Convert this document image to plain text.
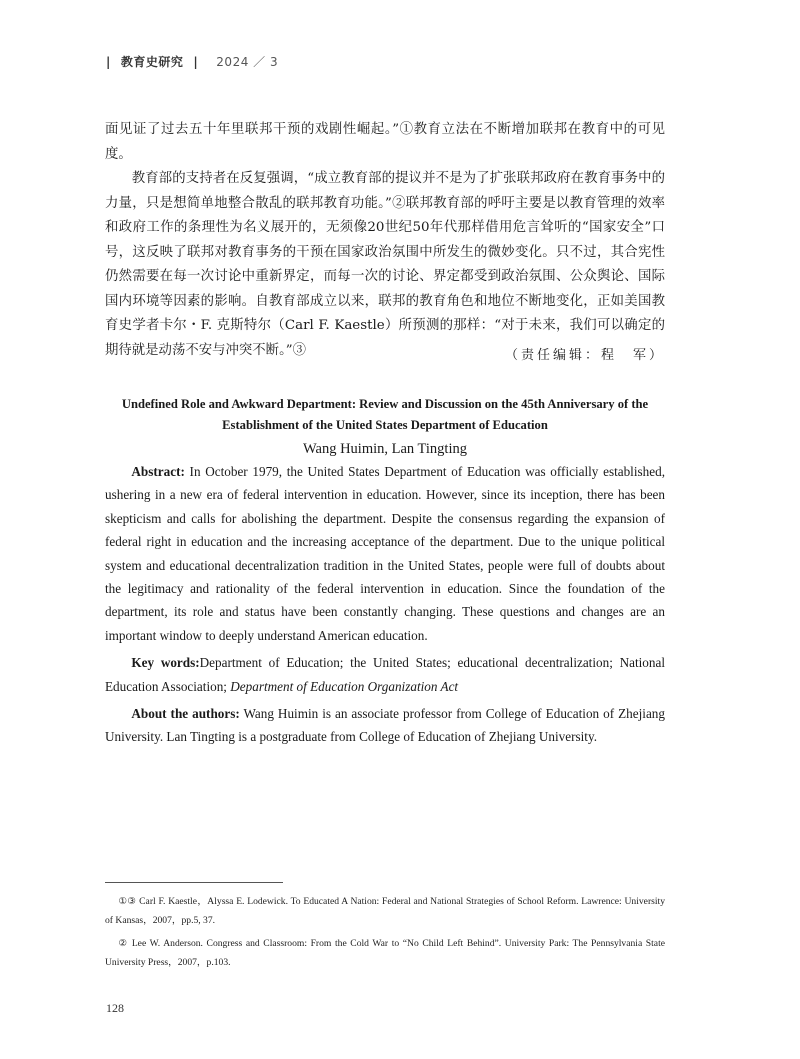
| 教育史研究 | 2024 ／ 3

面见证了过去五十年里联邦干预的戏剧性崛起。”①教育立法在不断增加联邦在教育中的可见度。

教育部的支持者在反复强调，“成立教育部的提议并不是为了扩张联邦政府在教育事务中的力量，只是想简单地整合散乱的联邦教育功能。”②联邦教育部的呼吁主要是以教育管理的效率和政府工作的条理性为名义展开的，无须像20世纪50年代那样借用危言耸听的“国家安全”口号，这反映了联邦对教育事务的干预在国家政治氛围中所发生的微妙变化。只不过，其合宪性仍然需要在每一次讨论中重新界定，而每一次的讨论、界定都受到政治氛围、公众舆论、国际国内环境等因素的影响。自教育部成立以来，联邦的教育角色和地位不断地变化，正如美国教育史学者卡尔・F. 克斯特尔（Carl F. Kaestle）所预测的那样：“对于未来，我们可以确定的期待就是动荡不安与冲突不断。”③	（责任编辑：程　军）

Undefined Role and Awkward Department: Review and Discussion on the 45th Anniversary of the Establishment of the United States Department of Education

Wang Huimin, Lan Tingting

Abstract: In October 1979, the United States Department of Education was officially established, ushering in a new era of federal intervention in education. However, since its inception, there has been skepticism and calls for abolishing the department. Despite the consensus regarding the expansion of federal right in education and the increasing acceptance of the department. Due to the unique political system and educational decentralization tradition in the United States, people were full of doubts about the legitimacy and rationality of the federal intervention in education. Since the foundation of the department, its role and status have been constantly changing. These questions and changes are an important window to deeply understand American education.

Key words:Department of Education; the United States; educational decentralization; National Education Association; Department of Education Organization Act

About the authors: Wang Huimin is an associate professor from College of Education of Zhejiang University. Lan Tingting is a postgraduate from College of Education of Zhejiang University.

①③ Carl F. Kaestle，Alyssa E. Lodewick. To Educated A Nation: Federal and National Strategies of School Reform. Lawrence: University of Kansas，2007，pp.5, 37.

② Lee W. Anderson. Congress and Classroom: From the Cold War to “No Child Left Behind”. University Park: The Pennsylvania State University Press，2007，p.103.

128
